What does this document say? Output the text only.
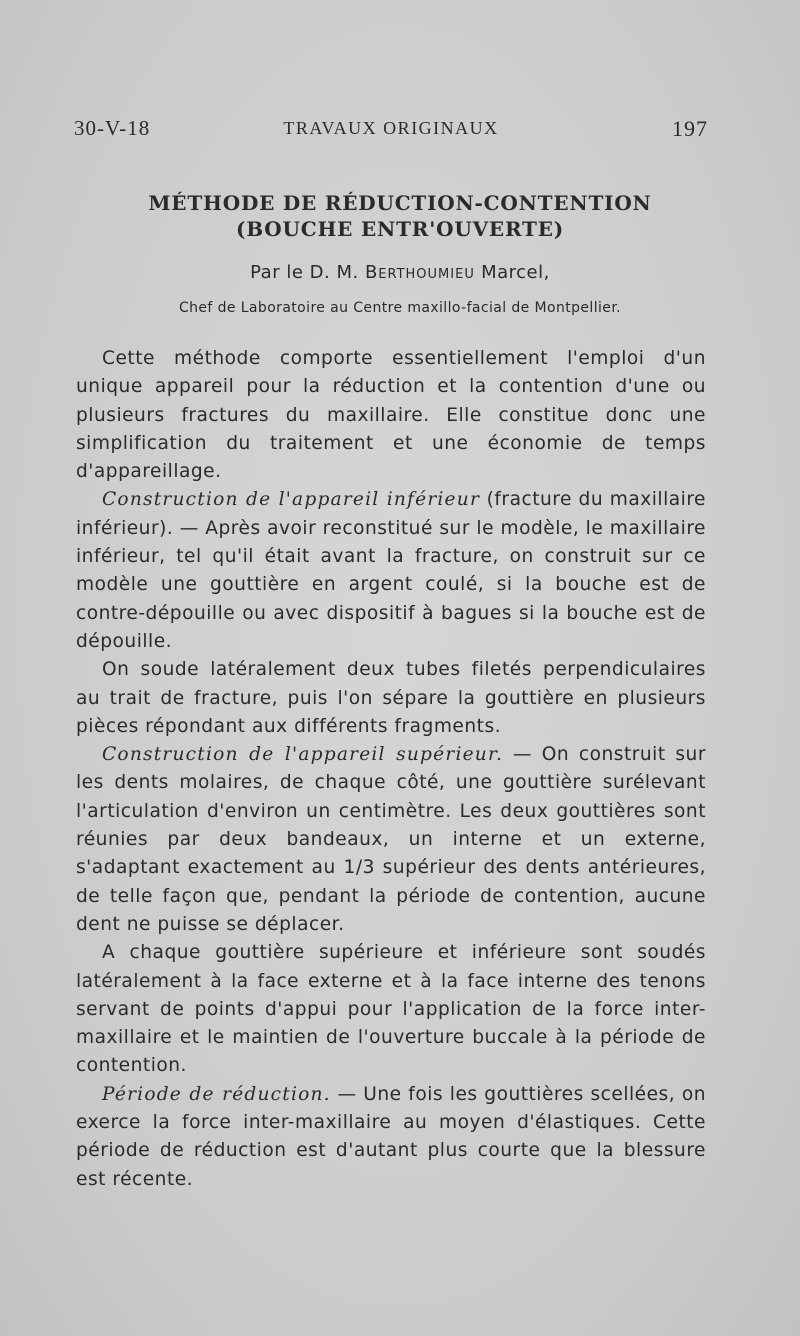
30-V-18	TRAVAUX ORIGINAUX	197
MÉTHODE DE RÉDUCTION-CONTENTION
(BOUCHE ENTR'OUVERTE)
Par le D. M. Berthoumieu Marcel,
Chef de Laboratoire au Centre maxillo-facial de Montpellier.

Cette méthode comporte essentiellement l'emploi d'un unique appareil pour la réduction et la contention d'une ou plusieurs fractures du maxillaire. Elle constitue donc une simplification du traitement et une économie de temps d'appareillage.

Construction de l'appareil inférieur (fracture du maxillaire inférieur). — Après avoir reconstitué sur le modèle, le maxillaire inférieur, tel qu'il était avant la fracture, on construit sur ce modèle une gouttière en argent coulé, si la bouche est de contre-dépouille ou avec dispositif à bagues si la bouche est de dépouille.

On soude latéralement deux tubes filetés perpendiculaires au trait de fracture, puis l'on sépare la gouttière en plusieurs pièces répondant aux différents fragments.

Construction de l'appareil supérieur. — On construit sur les dents molaires, de chaque côté, une gouttière surélevant l'articulation d'environ un centimètre. Les deux gouttières sont réunies par deux bandeaux, un interne et un externe, s'adaptant exactement au 1/3 supérieur des dents antérieures, de telle façon que, pendant la période de contention, aucune dent ne puisse se déplacer.

A chaque gouttière supérieure et inférieure sont soudés latéralement à la face externe et à la face interne des tenons servant de points d'appui pour l'application de la force inter-maxillaire et le maintien de l'ouverture buccale à la période de contention.

Période de réduction. — Une fois les gouttières scellées, on exerce la force inter-maxillaire au moyen d'élastiques. Cette période de réduction est d'autant plus courte que la blessure est récente.
